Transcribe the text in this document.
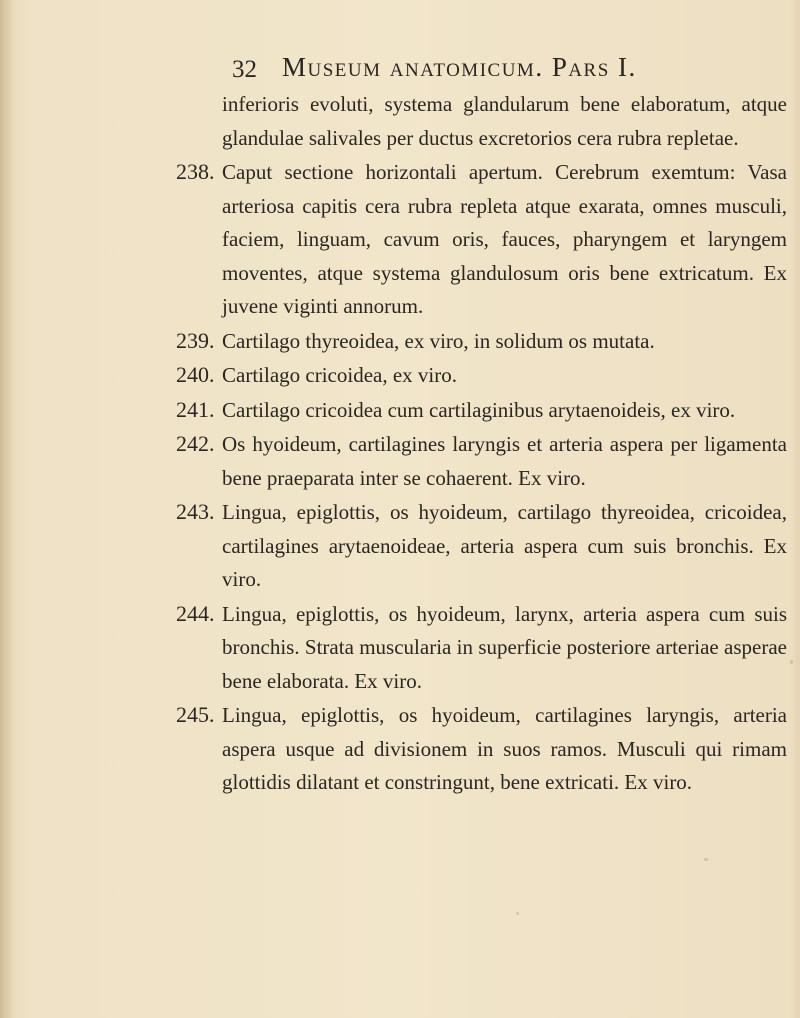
32 Museum anatomicum. Pars I.

inferioris evoluti, systema glandularum bene elaboratum, atque glandulae salivales per ductus excretorios cera rubra repletae.

238. Caput sectione horizontali apertum. Cerebrum exemtum: Vasa arteriosa capitis cera rubra repleta atque exarata, omnes musculi, faciem, linguam, cavum oris, fauces, pharyngem et laryngem moventes, atque systema glandulosum oris bene extricatum. Ex juvene viginti annorum.

239. Cartilago thyreoidea, ex viro, in solidum os mutata.

240. Cartilago cricoidea, ex viro.

241. Cartilago cricoidea cum cartilaginibus arytaenoideis, ex viro.

242. Os hyoideum, cartilagines laryngis et arteria aspera per ligamenta bene praeparata inter se cohaerent. Ex viro.

243. Lingua, epiglottis, os hyoideum, cartilago thyreoidea, cricoidea, cartilagines arytaenoideae, arteria aspera cum suis bronchis. Ex viro.

244. Lingua, epiglottis, os hyoideum, larynx, arteria aspera cum suis bronchis. Strata muscularia in superficie posteriore arteriae asperae bene elaborata. Ex viro.

245. Lingua, epiglottis, os hyoideum, cartilagines laryngis, arteria aspera usque ad divisionem in suos ramos. Musculi qui rimam glottidis dilatant et constringunt, bene extricati. Ex viro.
